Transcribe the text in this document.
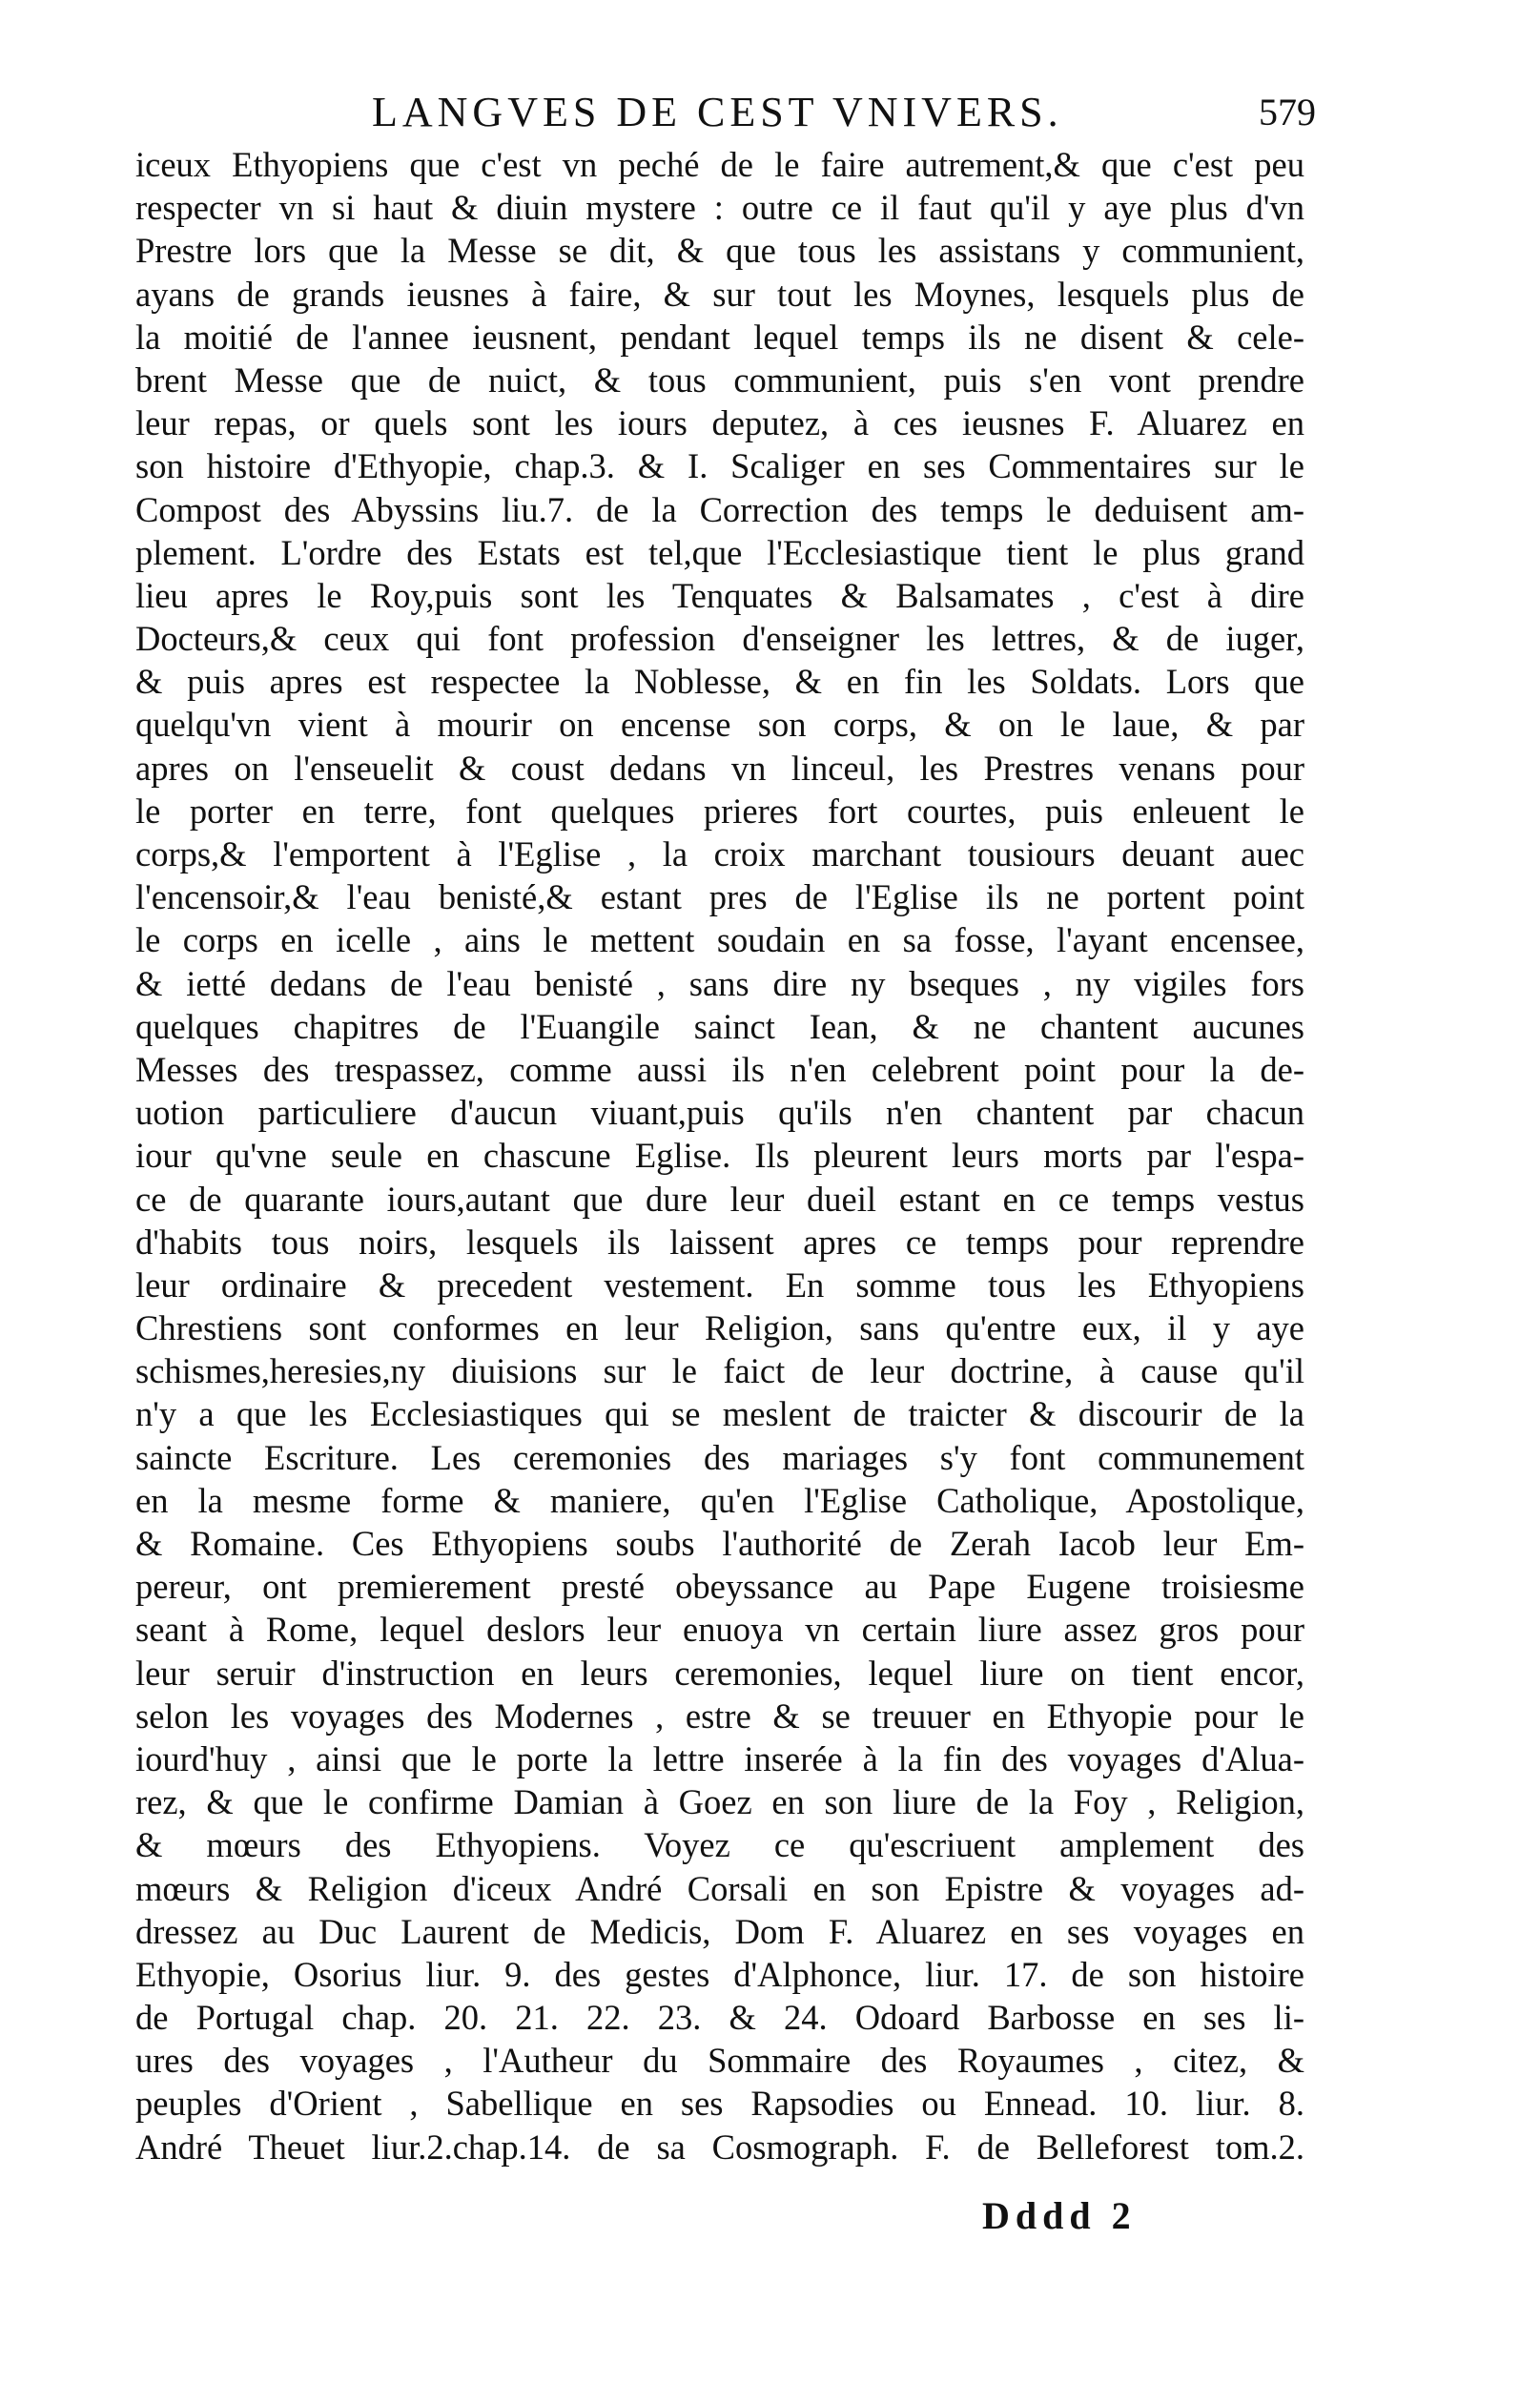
LANGVES DE CEST VNIVERS.	579
iceux Ethyopiens que c'est vn peché de le faire autrement,& que c'est peu
respecter vn si haut & diuin mystere : outre ce il faut qu'il y aye plus d'vn
Prestre lors que la Messe se dit, & que tous les assistans y communient,
ayans de grands ieusnes à faire, & sur tout les Moynes, lesquels plus de
la moitié de l'annee ieusnent, pendant lequel temps ils ne disent & cele-
brent Messe que de nuict, & tous communient, puis s'en vont prendre
leur repas, or quels sont les iours deputez, à ces ieusnes F. Aluarez en
son histoire d'Ethyopie, chap.3. & I. Scaliger en ses Commentaires sur le
Compost des Abyssins liu.7. de la Correction des temps le deduisent am-
plement. L'ordre des Estats est tel,que l'Ecclesiastique tient le plus grand
lieu apres le Roy,puis sont les Tenquates & Balsamates , c'est à dire
Docteurs,& ceux qui font profession d'enseigner les lettres, & de iuger,
& puis apres est respectee la Noblesse, & en fin les Soldats. Lors que
quelqu'vn vient à mourir on encense son corps, & on le laue, & par
apres on l'enseuelit & coust dedans vn linceul, les Prestres venans pour
le porter en terre, font quelques prieres fort courtes, puis enleuent le
corps,& l'emportent à l'Eglise , la croix marchant tousiours deuant auec
l'encensoir,& l'eau benisté,& estant pres de l'Eglise ils ne portent point
le corps en icelle , ains le mettent soudain en sa fosse, l'ayant encensee,
& ietté dedans de l'eau benisté , sans dire ny bseques , ny vigiles fors
quelques chapitres de l'Euangile sainct Iean, & ne chantent aucunes
Messes des trespassez, comme aussi ils n'en celebrent point pour la de-
uotion particuliere d'aucun viuant,puis qu'ils n'en chantent par chacun
iour qu'vne seule en chascune Eglise. Ils pleurent leurs morts par l'espa-
ce de quarante iours,autant que dure leur dueil estant en ce temps vestus
d'habits tous noirs, lesquels ils laissent apres ce temps pour reprendre
leur ordinaire & precedent vestement. En somme tous les Ethyopiens
Chrestiens sont conformes en leur Religion, sans qu'entre eux, il y aye
schismes,heresies,ny diuisions sur le faict de leur doctrine, à cause qu'il
n'y a que les Ecclesiastiques qui se meslent de traicter & discourir de la
saincte Escriture. Les ceremonies des mariages s'y font communement
en la mesme forme & maniere, qu'en l'Eglise Catholique, Apostolique,
& Romaine. Ces Ethyopiens soubs l'authorité de Zerah Iacob leur Em-
pereur, ont premierement presté obeyssance au Pape Eugene troisiesme
seant à Rome, lequel deslors leur enuoya vn certain liure assez gros pour
leur seruir d'instruction en leurs ceremonies, lequel liure on tient encor,
selon les voyages des Modernes , estre & se treuuer en Ethyopie pour le
iourd'huy , ainsi que le porte la lettre inserée à la fin des voyages d'Alua-
rez, & que le confirme Damian à Goez en son liure de la Foy , Religion,
& mœurs des Ethyopiens. Voyez ce qu'escriuent amplement des
mœurs & Religion d'iceux André Corsali en son Epistre & voyages ad-
dressez au Duc Laurent de Medicis, Dom F. Aluarez en ses voyages en
Ethyopie, Osorius liur. 9. des gestes d'Alphonce, liur. 17. de son histoire
de Portugal chap. 20. 21. 22. 23. & 24. Odoard Barbosse en ses li-
ures des voyages , l'Autheur du Sommaire des Royaumes , citez, &
peuples d'Orient , Sabellique en ses Rapsodies ou Ennead. 10. liur. 8.
André Theuet liur.2.chap.14. de sa Cosmograph. F. de Belleforest tom.2.
Dddd 2
